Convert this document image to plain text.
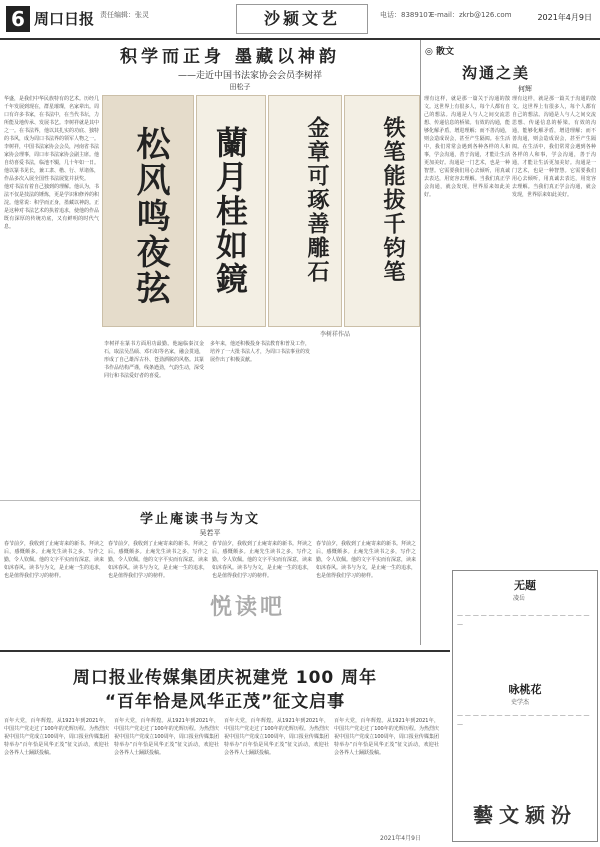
6 周口日报 责任编辑：张灵	沙颍文艺	电话：8389107
E-mail：zkrb@126.com	2021年4月9日
积学而正身 墨藏以神韵
——走近中国书法家协会会员李树祥
田松子
华盛，是我们中华民族特有的艺术。历经几千年发展到现在，群星璀璨，名家辈出。周口有许多书家，在书法中，在当代书坛，力所能及地传承、发展书艺。李树祥就是其中之一。在书法界，他以其扎实的功底、独特的书风，成为周口书法界的领军人物之一。
李树祥，中国书法家协会会员，河南省书法家协会理事，周口市书法家协会副主席。他自幼喜爱书法，临池不辍，几十年如一日。他以篆书见长，兼工隶、楷、行、草诸体，作品多次入展全国性书法展览并获奖。
他对书法有着自己独到的理解。他认为，书法不仅是技法的锤炼，更是学识和修养的积淀。他常说：积学而正身，墨藏以神韵。正是这种对书法艺术的执着追求，使他的作品既有深厚的传统功底，又有鲜明的时代气息。	松风鸣夜弦 蘭月桂如鏡	金章可琢善雕石 铁笔能拔千钧笔
李树祥作品
李树祥在篆书方面用功最勤。他遍临秦汉金石，取法吴昌硕、邓石如等名家，融会贯通，形成了自己雄浑古朴、苍劲洒脱的风格。其篆书作品结构严谨，线条遒劲，气韵生动，深受同行和书法爱好者的喜爱。
多年来，他还积极投身书法教育和普及工作，培养了一大批书法人才，为周口书法事业的发展作出了积极贡献。
◎ 散文
沟通之美
何辉
理有这样，就是那一篇关于沟通的散文。这世界上有很多人，每个人都有自己的想法。沟通是人与人之间交流思想、传递信息的桥梁。有效的沟通，能够化解矛盾，增进理解；而不善沟通，则会造成误会，甚至产生隔阂。在生活中，我们常常会遇到各种各样的人和事，学会沟通，善于沟通，才能让生活更加美好。沟通是一门艺术，也是一种智慧。它需要我们用心去倾听，用真诚去表达，用宽容去理解。当我们真正学会沟通，就会发现，世界原来如此美好。
理有这样，就是那一篇关于沟通的散文。这世界上有很多人，每个人都有自己的想法。沟通是人与人之间交流思想、传递信息的桥梁。有效的沟通，能够化解矛盾，增进理解；而不善沟通，则会造成误会，甚至产生隔阂。在生活中，我们常常会遇到各种各样的人和事，学会沟通，善于沟通，才能让生活更加美好。沟通是一门艺术，也是一种智慧。它需要我们用心去倾听，用真诚去表达，用宽容去理解。当我们真正学会沟通，就会发现，世界原来如此美好。
学止庵读书与为文
吴若平
春节前夕，我收到了止庵寄来的新书。拜读之后，感慨颇多。止庵先生读书之多，写作之勤，令人钦佩。他的文字平实而有深意，读来如沐春风。读书与为文，是止庵一生的追求，也是值得我们学习的榜样。
春节前夕，我收到了止庵寄来的新书。拜读之后，感慨颇多。止庵先生读书之多，写作之勤，令人钦佩。他的文字平实而有深意，读来如沐春风。读书与为文，是止庵一生的追求，也是值得我们学习的榜样。
春节前夕，我收到了止庵寄来的新书。拜读之后，感慨颇多。止庵先生读书之多，写作之勤，令人钦佩。他的文字平实而有深意，读来如沐春风。读书与为文，是止庵一生的追求，也是值得我们学习的榜样。
春节前夕，我收到了止庵寄来的新书。拜读之后，感慨颇多。止庵先生读书之多，写作之勤，令人钦佩。他的文字平实而有深意，读来如沐春风。读书与为文，是止庵一生的追求，也是值得我们学习的榜样。
悦读吧
周口报业传媒集团庆祝建党 100 周年
“百年恰是风华正茂”征文启事
百年大党，百年辉煌。从1921年到2021年，中国共产党走过了100年的光辉历程。为热烈庆祝中国共产党成立100周年，周口报业传媒集团特举办“百年恰是风华正茂”征文活动，欢迎社会各界人士踊跃投稿。
百年大党，百年辉煌。从1921年到2021年，中国共产党走过了100年的光辉历程。为热烈庆祝中国共产党成立100周年，周口报业传媒集团特举办“百年恰是风华正茂”征文活动，欢迎社会各界人士踊跃投稿。
百年大党，百年辉煌。从1921年到2021年，中国共产党走过了100年的光辉历程。为热烈庆祝中国共产党成立100周年，周口报业传媒集团特举办“百年恰是风华正茂”征文活动，欢迎社会各界人士踊跃投稿。
百年大党，百年辉煌。从1921年到2021年，中国共产党走过了100年的光辉历程。为热烈庆祝中国共产党成立100周年，周口报业传媒集团特举办“百年恰是风华正茂”征文活动，欢迎社会各界人士踊跃投稿。
2021年4月9日
无题
凌岳
咏桃花
史学杰
— — — — — — — — — — — — — — — — — —
— — — — — — — — — — — — — — — — — —
藝文颍汾
